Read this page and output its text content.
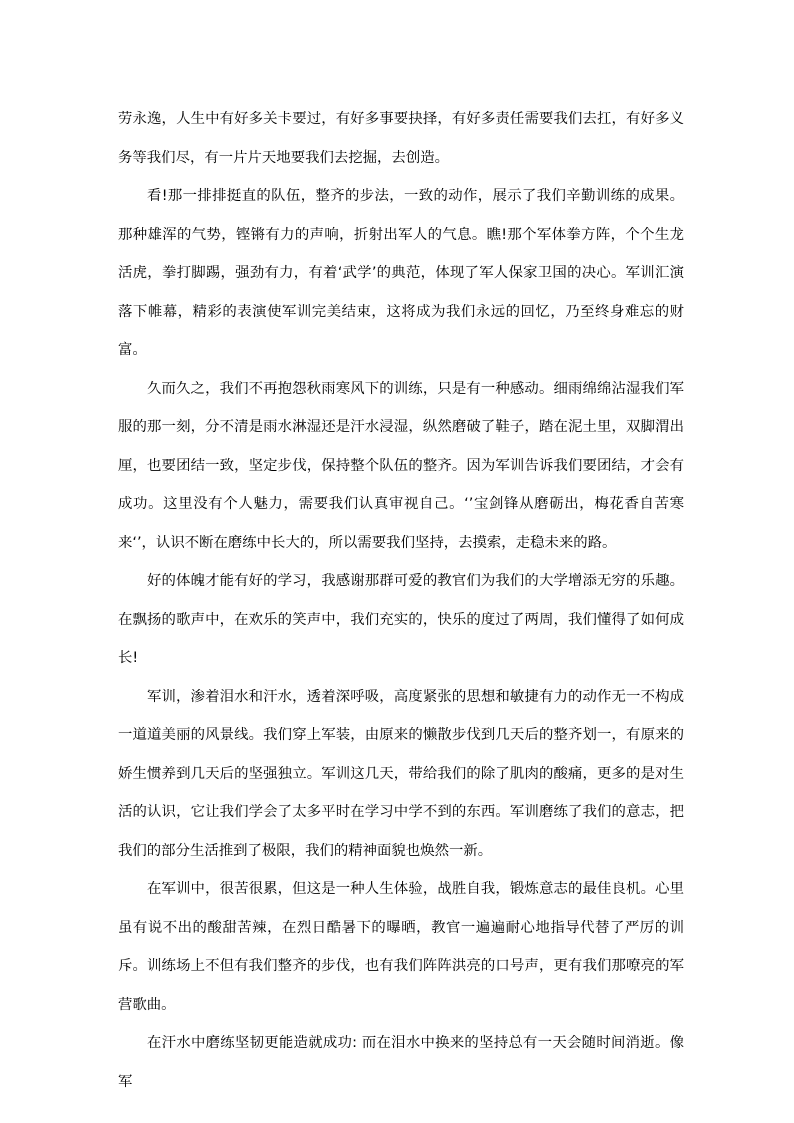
劳永逸，人生中有好多关卡要过，有好多事要抉择，有好多责任需要我们去扛，有好多义务等我们尽，有一片片天地要我们去挖掘，去创造。

看!那一排排挺直的队伍，整齐的步法，一致的动作，展示了我们辛勤训练的成果。那种雄浑的气势，铿锵有力的声响，折射出军人的气息。瞧!那个军体拳方阵，个个生龙活虎，拳打脚踢，强劲有力，有着‘武学’的典范，体现了军人保家卫国的决心。军训汇演落下帷幕，精彩的表演使军训完美结束，这将成为我们永远的回忆，乃至终身难忘的财富。

久而久之，我们不再抱怨秋雨寒风下的训练，只是有一种感动。细雨绵绵沾湿我们军服的那一刻，分不清是雨水淋湿还是汗水浸湿，纵然磨破了鞋子，踏在泥土里，双脚渭出厘，也要团结一致，坚定步伐，保持整个队伍的整齐。因为军训告诉我们要团结，才会有成功。这里没有个人魅力，需要我们认真审视自己。‘’宝剑锋从磨砺出，梅花香自苦寒来‘’，认识不断在磨练中长大的，所以需要我们坚持，去摸索，走稳未来的路。

好的体魄才能有好的学习，我感谢那群可爱的教官们为我们的大学增添无穷的乐趣。在飘扬的歌声中，在欢乐的笑声中，我们充实的，快乐的度过了两周，我们懂得了如何成长!

军训，渗着泪水和汗水，透着深呼吸，高度紧张的思想和敏捷有力的动作无一不构成一道道美丽的风景线。我们穿上军装，由原来的懒散步伐到几天后的整齐划一，有原来的娇生惯养到几天后的坚强独立。军训这几天，带给我们的除了肌肉的酸痛，更多的是对生活的认识，它让我们学会了太多平时在学习中学不到的东西。军训磨练了我们的意志，把我们的部分生活推到了极限，我们的精神面貌也焕然一新。

在军训中，很苦很累，但这是一种人生体验，战胜自我，锻炼意志的最佳良机。心里虽有说不出的酸甜苦辣，在烈日酷暑下的曝晒，教官一遍遍耐心地指导代替了严厉的训斥。训练场上不但有我们整齐的步伐，也有我们阵阵洪亮的口号声，更有我们那嘹亮的军营歌曲。

在汗水中磨练坚韧更能造就成功: 而在泪水中换来的坚持总有一天会随时间消逝。像军
